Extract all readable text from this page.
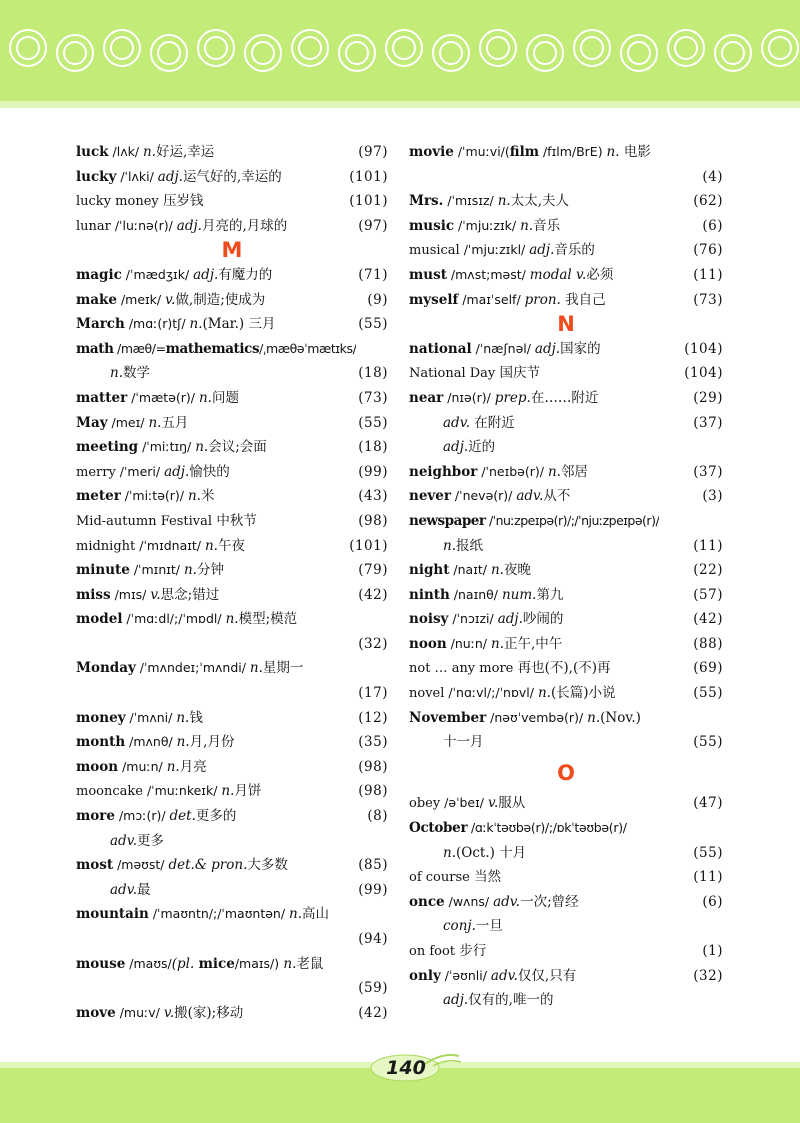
140
luck /lʌk/ n.好运,幸运	(97)
lucky /ˈlʌki/ adj.运气好的,幸运的	(101)
lucky money 压岁钱	(101)
lunar /ˈluːnə(r)/ adj.月亮的,月球的	(97)
M
magic /ˈmædʒɪk/ adj.有魔力的	(71)
make /meɪk/ v.做,制造;使成为	(9)
March /mɑː(r)tʃ/ n.(Mar.) 三月	(55)
math /mæθ/=mathematics/ˌmæθəˈmætɪks/
n.数学	(18)
matter /ˈmætə(r)/ n.问题	(73)
May /meɪ/ n.五月	(55)
meeting /ˈmiːtɪŋ/ n.会议;会面	(18)
merry /ˈmeri/ adj.愉快的	(99)
meter /ˈmiːtə(r)/ n.米	(43)
Mid-autumn Festival 中秋节	(98)
midnight /ˈmɪdnaɪt/ n.午夜	(101)
minute /ˈmɪnɪt/ n.分钟	(79)
miss /mɪs/ v.思念;错过	(42)
model /ˈmɑːdl/;/ˈmɒdl/ n.模型;模范
(32)
Monday /ˈmʌndeɪ;ˈmʌndi/ n.星期一
(17)
money /ˈmʌni/ n.钱	(12)
month /mʌnθ/ n.月,月份	(35)
moon /muːn/ n.月亮	(98)
mooncake /ˈmuːnkeɪk/ n.月饼	(98)
more /mɔː(r)/ det.更多的	(8)
adv.更多
most /məʊst/ det.& pron.大多数	(85)
adv.最	(99)
mountain /ˈmaʊntn/;/ˈmaʊntən/ n.高山
(94)
mouse /maʊs/(pl. mice/maɪs/) n.老鼠
(59)
move /muːv/ v.搬(家);移动	(42)
movie /ˈmuːvi/(film /fɪlm/BrE) n. 电影
(4)
Mrs. /ˈmɪsɪz/ n.太太,夫人	(62)
music /ˈmjuːzɪk/ n.音乐	(6)
musical /ˈmjuːzɪkl/ adj.音乐的	(76)
must /mʌst;məst/ modal v.必须	(11)
myself /maɪˈself/ pron. 我自己	(73)
N
national /ˈnæʃnəl/ adj.国家的	(104)
National Day 国庆节	(104)
near /nɪə(r)/ prep.在……附近	(29)
adv. 在附近	(37)
adj.近的
neighbor /ˈneɪbə(r)/ n.邻居	(37)
never /ˈnevə(r)/ adv.从不	(3)
newspaper /ˈnuːzpeɪpə(r)/;/ˈnjuːzpeɪpə(r)/
n.报纸	(11)
night /naɪt/ n.夜晚	(22)
ninth /naɪnθ/ num.第九	(57)
noisy /ˈnɔɪzi/ adj.吵闹的	(42)
noon /nuːn/ n.正午,中午	(88)
not … any more 再也(不),(不)再	(69)
novel /ˈnɑːvl/;/ˈnɒvl/ n.(长篇)小说	(55)
November /nəʊˈvembə(r)/ n.(Nov.)
十一月	(55)
O
obey /əˈbeɪ/ v.服从	(47)
October /ɑːkˈtəʊbə(r)/;/ɒkˈtəʊbə(r)/
n.(Oct.) 十月	(55)
of course 当然	(11)
once /wʌns/ adv.一次;曾经	(6)
conj.一旦
on foot 步行	(1)
only /ˈəʊnli/ adv.仅仅,只有	(32)
adj.仅有的,唯一的
